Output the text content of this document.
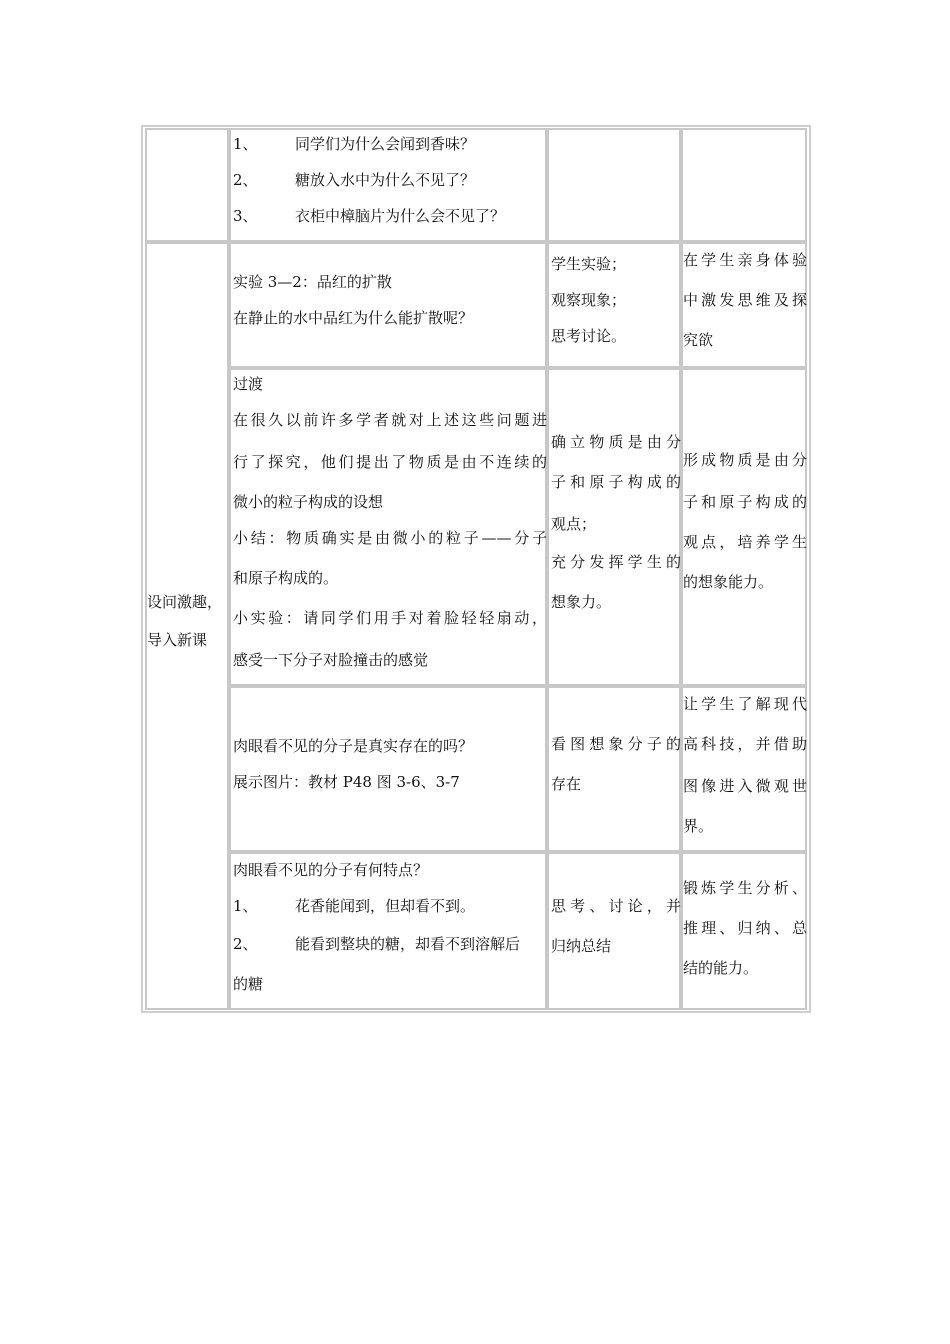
1、 同学们为什么会闻到香味？
2、 糖放入水中为什么不见了？
3、 衣柜中樟脑片为什么会不见了？
设问激趣，
导入新课
实验 3—2：品红的扩散
在静止的水中品红为什么能扩散呢？
学生实验；
观察现象；
思考讨论。
在学生亲身体验
中激发思维及探
究欲
过渡
在很久以前许多学者就对上述这些问题进
行了探究，他们提出了物质是由不连续的
微小的粒子构成的设想
小结：物质确实是由微小的粒子——分子
和原子构成的。
小实验：请同学们用手对着脸轻轻扇动，
感受一下分子对脸撞击的感觉
确立物质是由分
子和原子构成的
观点；
充分发挥学生的
想象力。
形成物质是由分
子和原子构成的
观点，培养学生
的想象能力。
肉眼看不见的分子是真实存在的吗？
展示图片：教材 P48 图 3-6、3-7
看图想象分子的
存在
让学生了解现代
高科技，并借助
图像进入微观世
界。
肉眼看不见的分子有何特点？
1、 花香能闻到，但却看不到。
2、 能看到整块的糖，却看不到溶解后
的糖
思考、讨论，并
归纳总结
锻炼学生分析、
推理、归纳、总
结的能力。
